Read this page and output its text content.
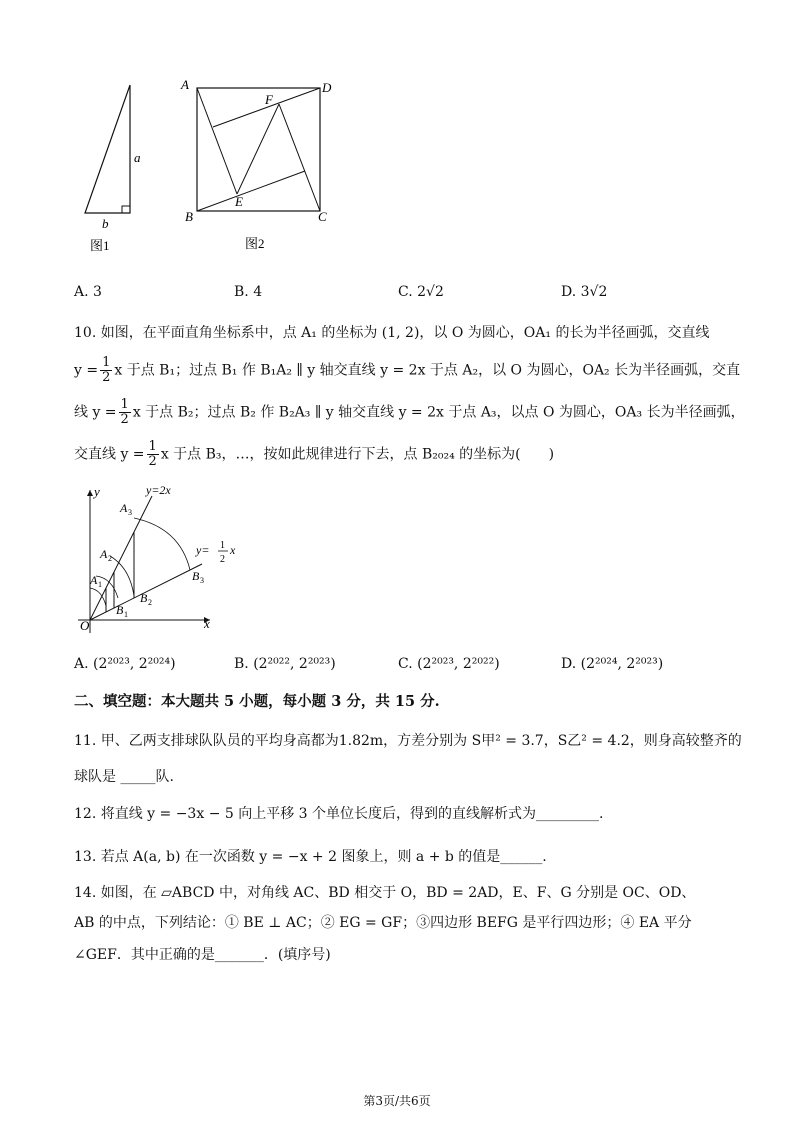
a
b
图1
A	D
F
E
B	C
图2
A. 3	B. 4	C. 2√2	D. 3√2
10. 如图，在平面直角坐标系中，点 A₁ 的坐标为 (1, 2)，以 O 为圆心，OA₁ 的长为半径画弧，交直线
$y = \frac{1}{2}$ x 于点 B₁；过点 B₁ 作 B₁A₂ ∥ y 轴交直线 y = 2x 于点 A₂，以 O 为圆心，OA₂ 长为半径画弧，交直
线 $y = \frac{1}{2}$ x 于点 B₂；过点 B₂ 作 B₂A₃ ∥ y 轴交直线 y = 2x 于点 A₃，以点 O 为圆心，OA₃ 长为半径画弧，
交直线 $y = \frac{1}{2}$ x 于点 B₃，…，按如此规律进行下去，点 B₂₀₂₄ 的坐标为(　　)
y
x
O
y=2x
y= 1
2
x
A 1
A 2
A 3
B 1
B 2
B 3
A. (2²⁰²³, 2²⁰²⁴)	B. (2²⁰²², 2²⁰²³)	C. (2²⁰²³, 2²⁰²²)	D. (2²⁰²⁴, 2²⁰²³)
二、填空题：本大题共 5 小题，每小题 3 分，共 15 分.
11. 甲、乙两支排球队队员的平均身高都为1.82m，方差分别为 S甲² = 3.7，S乙² = 4.2，则身高较整齐的
球队是 _____队.
12. 将直线 y = −3x − 5 向上平移 3 个单位长度后，得到的直线解析式为_________.
13. 若点 A(a, b) 在一次函数 y = −x + 2 图象上，则 a + b 的值是______.
14. 如图，在 ▱ABCD 中，对角线 AC、BD 相交于 O，BD = 2AD，E、F、G 分别是 OC、OD、
AB 的中点，下列结论：① BE ⊥ AC；② EG = GF；③四边形 BEFG 是平行四边形；④ EA 平分
∠GEF．其中正确的是_______．(填序号)
第3页/共6页
